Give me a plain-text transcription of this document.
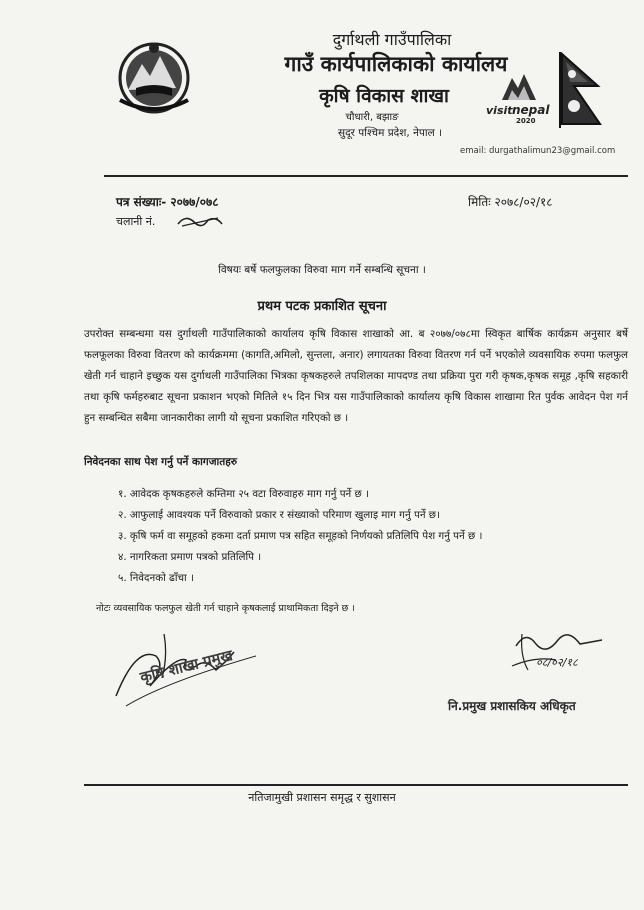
दुर्गाथली गाउँपालिका
गाउँ कार्यपालिकाको कार्यालय
कृषि विकास शाखा
चौधारी, बझाङ
सुदूर पश्चिम प्रदेश, नेपाल ।
visit nepal
2020
email: durgathalimun23@gmail.com
पत्र संख्याः- २०७७/०७८	मितिः २०७८/०२/१८
चलानी नं.
विषयः बर्षे फलफुलका विरुवा माग गर्ने सम्बन्धि सूचना ।
प्रथम पटक प्रकाशित सूचना
उपरोक्त सम्बन्धमा यस दुर्गाथली गाउँपालिकाको कार्यालय कृषि विकास शाखाको आ. ब २०७७/०७८मा स्विकृत बार्षिक कार्यक्रम अनुसार बर्षे फलफूलका विरुवा वितरण को कार्यक्रममा (कागति,अमिलो, सुन्तला, अनार) लगायतका विरुवा वितरण गर्न पर्ने भएकोले व्यवसायिक रुपमा फलफुल खेती गर्न चाहाने इच्छुक यस दुर्गाथली गाउँपालिका भित्रका कृषकहरुले तपशिलका मापदण्ड तथा प्रक्रिया पुरा गरी कृषक,कृषक समूह ,कृषि सहकारी तथा कृषि फर्महरुबाट सूचना प्रकाशन भएको मितिले १५ दिन भित्र यस गाउँपालिकाको कार्यालय कृषि विकास शाखामा रित पुर्वक आवेदन पेश गर्न हुन सम्बन्धित सबैमा जानकारीका लागी यो सूचना प्रकाशित गरिएको छ ।
निवेदनका साथ पेश गर्नु पर्ने कागजातहरु
१. आवेदक कृषकहरुले कम्तिमा २५ वटा विरुवाहरु माग गर्नु पर्ने छ ।
२. आफुलाई आवश्यक पर्ने विरुवाको प्रकार र संख्याको परिमाण खुलाइ माग गर्नु पर्ने छ।
३. कृषि फर्म वा समूहको हकमा दर्ता प्रमाण पत्र सहित समूहको निर्णयको प्रतिलिपि पेश गर्नु पर्ने छ ।
४. नागरिकता प्रमाण पत्रको प्रतिलिपि ।
५. निवेदनको ढाँचा ।
नोटः व्यवसायिक फलफुल खेती गर्न चाहाने कृषकलाई प्राथामिकता दिइने छ ।
कृषि शाखा प्रमुख	०८/०२/१८
नि.प्रमुख प्रशासकिय अधिकृत
नतिजामुखी प्रशासन समृद्ध र सुशासन
